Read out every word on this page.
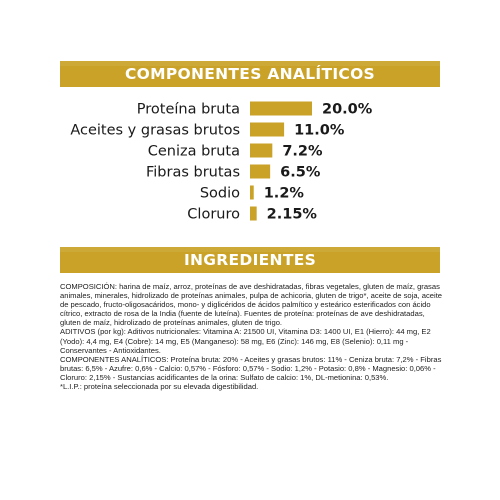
COMPONENTES ANALÍTICOS
Proteína bruta	20.0%
Aceites y grasas brutos	11.0%
Ceniza bruta	7.2%
Fibras brutas	6.5%
Sodio 1.2%
Cloruro 2.15%
INGREDIENTES

COMPOSICIÓN: harina de maíz, arroz, proteínas de ave deshidratadas, fibras vegetales, gluten de maíz, grasas animales, minerales, hidrolizado de proteínas animales, pulpa de achicoria, gluten de trigo*, aceite de soja, aceite de pescado, fructo-oligosacáridos, mono- y diglicéridos de ácidos palmítico y esteárico esterificados con ácido cítrico, extracto de rosa de la India (fuente de luteína). Fuentes de proteína: proteínas de ave deshidratadas, gluten de maíz, hidrolizado de proteínas animales, gluten de trigo.

ADITIVOS (por kg): Aditivos nutricionales: Vitamina A: 21500 UI, Vitamina D3: 1400 UI, E1 (Hierro): 44 mg, E2 (Yodo): 4,4 mg, E4 (Cobre): 14 mg, E5 (Manganeso): 58 mg, E6 (Zinc): 146 mg, E8 (Selenio): 0,11 mg - Conservantes - Antioxidantes.

COMPONENTES ANALÍTICOS: Proteína bruta: 20% - Aceites y grasas brutos: 11% - Ceniza bruta: 7,2% - Fibras brutas: 6,5% - Azufre: 0,6% - Calcio: 0,57% - Fósforo: 0,57% - Sodio: 1,2% - Potasio: 0,8% - Magnesio: 0,06% - Cloruro: 2,15% - Sustancias acidificantes de la orina: Sulfato de calcio: 1%, DL-metionina: 0,53%.

*L.I.P.: proteína seleccionada por su elevada digestibilidad.
